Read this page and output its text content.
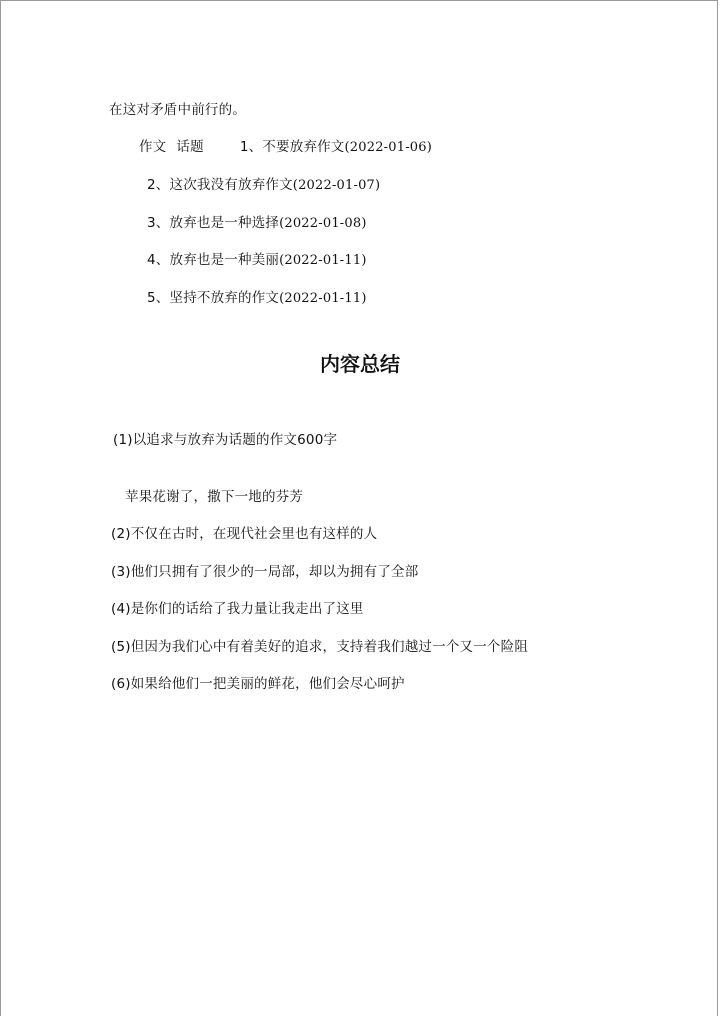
在这对矛盾中前行的。
作文 话题	1、不要放弃作文(2022-01-06)
2、这次我没有放弃作文(2022-01-07)
3、放弃也是一种选择(2022-01-08)
4、放弃也是一种美丽(2022-01-11)
5、坚持不放弃的作文(2022-01-11)
内容总结
(1)以追求与放弃为话题的作文600字
苹果花谢了，撒下一地的芬芳
(2)不仅在古时，在现代社会里也有这样的人
(3)他们只拥有了很少的一局部，却以为拥有了全部
(4)是你们的话给了我力量让我走出了这里
(5)但因为我们心中有着美好的追求，支持着我们越过一个又一个险阻
(6)如果给他们一把美丽的鲜花，他们会尽心呵护
